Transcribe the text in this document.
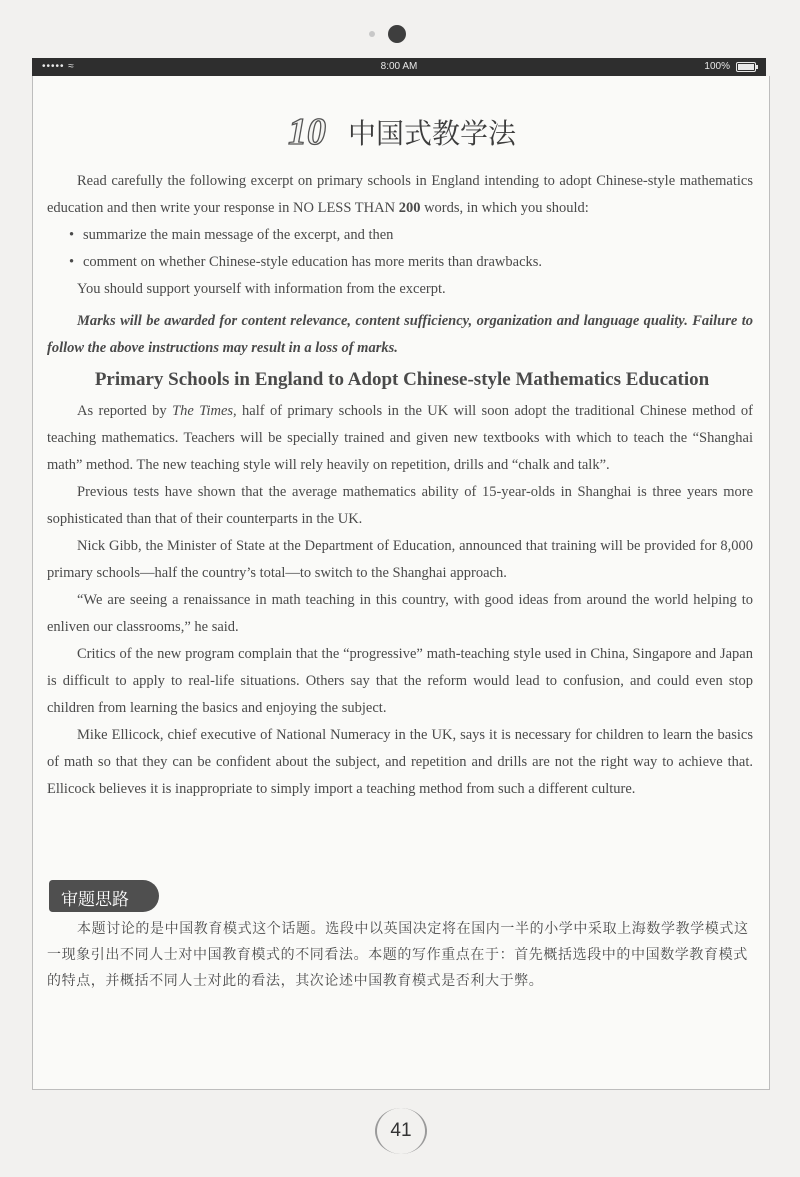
••••• ≈	8:00 AM	100%
10 中国式教学法

Read carefully the following excerpt on primary schools in England intending to adopt Chinese-style mathematics education and then write your response in NO LESS THAN 200 words, in which you should:

• summarize the main message of the excerpt, and then
• comment on whether Chinese-style education has more merits than drawbacks.

You should support yourself with information from the excerpt.

Marks will be awarded for content relevance, content sufficiency, organization and language quality. Failure to follow the above instructions may result in a loss of marks.

Primary Schools in England to Adopt Chinese-style Mathematics Education

As reported by The Times, half of primary schools in the UK will soon adopt the traditional Chinese method of teaching mathematics. Teachers will be specially trained and given new textbooks with which to teach the “Shanghai math” method. The new teaching style will rely heavily on repetition, drills and “chalk and talk”.

Previous tests have shown that the average mathematics ability of 15-year-olds in Shanghai is three years more sophisticated than that of their counterparts in the UK.

Nick Gibb, the Minister of State at the Department of Education, announced that training will be provided for 8,000 primary schools—half the country’s total—to switch to the Shanghai approach.

“We are seeing a renaissance in math teaching in this country, with good ideas from around the world helping to enliven our classrooms,” he said.

Critics of the new program complain that the “progressive” math-teaching style used in China, Singapore and Japan is difficult to apply to real-life situations. Others say that the reform would lead to confusion, and could even stop children from learning the basics and enjoying the subject.

Mike Ellicock, chief executive of National Numeracy in the UK, says it is necessary for children to learn the basics of math so that they can be confident about the subject, and repetition and drills are not the right way to achieve that. Ellicock believes it is inappropriate to simply import a teaching method from such a different culture.

审题思路

本题讨论的是中国教育模式这个话题。选段中以英国决定将在国内一半的小学中采取上海数学教学模式这一现象引出不同人士对中国教育模式的不同看法。本题的写作重点在于：首先概括选段中的中国数学教育模式的特点，并概括不同人士对此的看法，其次论述中国教育模式是否利大于弊。

41
